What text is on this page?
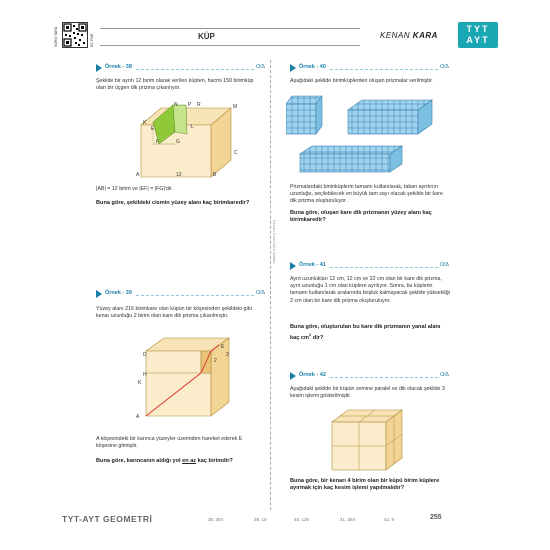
SORU TARA	KC FIVE	KÜP	KENAN KARA
TYT
AYT
Kenan Kara Ders Notları
Örnek - 38	O⁄Δ
Şekilde bir ayrıtı 12 birim olarak verilen küpten, hacmi 150 birimküp olan bir üçgen dik prizma çıkarılıyor.
N P R	M
K
L
F	G
E
C
A	B
12
|AB| = 12 birim ve |EF| = |FG|'dir.
Buna göre, şekildeki cismin yüzey alanı kaç birimkaredir?
Örnek - 39	O⁄Δ
Yüzey alanı 216 birimkare olan küpün bir köşesinden şekildeki gibi kenar uzunluğu 2 birim olan kare dik prizma çıkarılmıştır.
D
H
K
A
E
2
2
A köşesindeki bir karınca yüzeyler üzerinden hareket ederek E köşesine gitmiştir.
Buna göre, karıncanın aldığı yol en az kaç birimdir?
Örnek - 40	O⁄Δ
Aşağıdaki şekilde birimküplerden oluşan prizmalar verilmiştir.
Prizmalardaki birimküplerin tamamı kullanılarak, taban ayrıtının uzunluğu, seçilebilecek en büyük tam sayı olacak şekilde bir kare dik prizma oluşturuluyor.
Buna göre, oluşan kare dik prizmanın yüzey alanı kaç birimkaredir?
Örnek - 41	O⁄Δ
Ayrıt uzunlukları 12 cm, 12 cm ve 32 cm olan bir kare dik prizma, ayrıt uzunluğu 1 cm olan küplere ayrılıyor. Sonra, bu küplerin tamamı kullanılarak aralarında boşluk kalmayacak şekilde yüksekliği 2 cm olan bir kare dik prizma oluşturuluyor.
Buna göre, oluşturulan bu kare dik prizmanın yanal alanı kaç $cm^2$ dir?
Örnek - 42	O⁄Δ
Aşağıdaki şekilde bir küpün zemine paralel ve dik olacak şekilde 3 kesim işlemi gösterilmiştir.
Buna göre, bir kenarı 4 birim olan bir küpü birim küplere ayırmak için kaç kesim işlemi yapılmalıdır?
TYT-AYT GEOMETRİ	38. 304	39. 10	40. 126	41. 384	42. 9	255
